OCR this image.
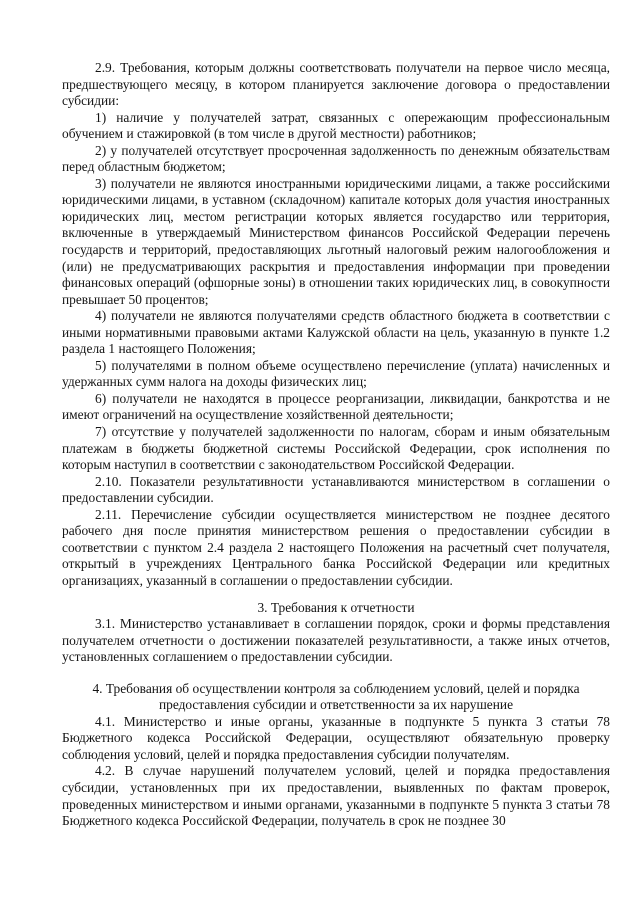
2.9. Требования, которым должны соответствовать получатели на первое число месяца, предшествующего месяцу, в котором планируется заключение договора о предоставлении субсидии:

1) наличие у получателей затрат, связанных с опережающим профессиональным обучением и стажировкой (в том числе в другой местности) работников;

2) у получателей отсутствует просроченная задолженность по денежным обязательствам перед областным бюджетом;

3) получатели не являются иностранными юридическими лицами, а также российскими юридическими лицами, в уставном (складочном) капитале которых доля участия иностранных юридических лиц, местом регистрации которых является государство или территория, включенные в утверждаемый Министерством финансов Российской Федерации перечень государств и территорий, предоставляющих льготный налоговый режим налогообложения и (или) не предусматривающих раскрытия и предоставления информации при проведении финансовых операций (офшорные зоны) в отношении таких юридических лиц, в совокупности превышает 50 процентов;

4) получатели не являются получателями средств областного бюджета в соответствии с иными нормативными правовыми актами Калужской области на цель, указанную в пункте 1.2 раздела 1 настоящего Положения;

5) получателями в полном объеме осуществлено перечисление (уплата) начисленных и удержанных сумм налога на доходы физических лиц;

6) получатели не находятся в процессе реорганизации, ликвидации, банкротства и не имеют ограничений на осуществление хозяйственной деятельности;

7) отсутствие у получателей задолженности по налогам, сборам и иным обязательным платежам в бюджеты бюджетной системы Российской Федерации, срок исполнения по которым наступил в соответствии с законодательством Российской Федерации.

2.10. Показатели результативности устанавливаются министерством в соглашении о предоставлении субсидии.

2.11. Перечисление субсидии осуществляется министерством не позднее десятого рабочего дня после принятия министерством решения о предоставлении субсидии в соответствии с пунктом 2.4 раздела 2 настоящего Положения на расчетный счет получателя, открытый в учреждениях Центрального банка Российской Федерации или кредитных организациях, указанный в соглашении о предоставлении субсидии.

3. Требования к отчетности

3.1. Министерство устанавливает в соглашении порядок, сроки и формы представления получателем отчетности о достижении показателей результативности, а также иных отчетов, установленных соглашением о предоставлении субсидии.

4. Требования об осуществлении контроля за соблюдением условий, целей и порядка предоставления субсидии и ответственности за их нарушение

4.1. Министерство и иные органы, указанные в подпункте 5 пункта 3 статьи 78 Бюджетного кодекса Российской Федерации, осуществляют обязательную проверку соблюдения условий, целей и порядка предоставления субсидии получателям.

4.2. В случае нарушений получателем условий, целей и порядка предоставления субсидии, установленных при их предоставлении, выявленных по фактам проверок, проведенных министерством и иными органами, указанными в подпункте 5 пункта 3 статьи 78 Бюджетного кодекса Российской Федерации, получатель в срок не позднее 30
